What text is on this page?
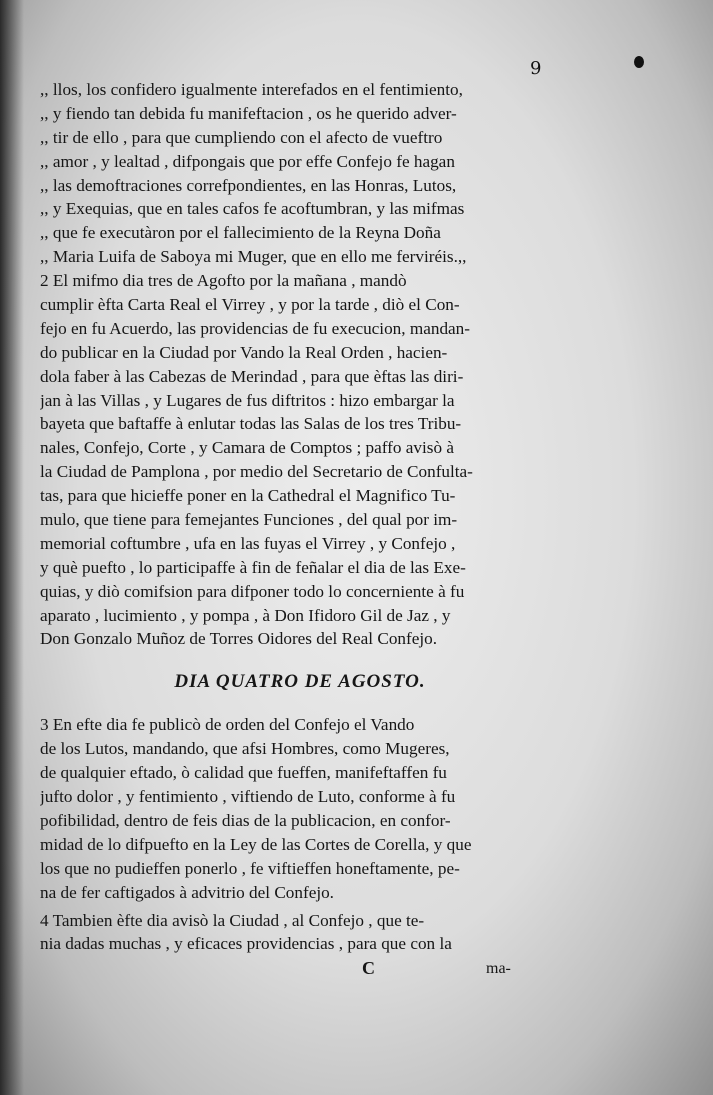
9
,, llos, los confidero igualmente interefados en el fentimiento,
,, y fiendo tan debida fu manifeftacion , os he querido adver-
,, tir de ello , para que cumpliendo con el afecto de vueftro
,, amor , y lealtad , difpongais que por effe Confejo fe hagan
,, las demoftraciones correfpondientes, en las Honras, Lutos,
,, y Exequias, que en tales cafos fe acoftumbran, y las mifmas
,, que fe executàron por el fallecimiento de la Reyna Doña
,, Maria Luifa de Saboya mi Muger, que en ello me ferviréis.,,
2 El mifmo dia tres de Agofto por la mañana , mandò
cumplir èfta Carta Real el Virrey , y por la tarde , diò el Con-
fejo en fu Acuerdo, las providencias de fu execucion, mandan-
do publicar en la Ciudad por Vando la Real Orden , hacien-
dola faber à las Cabezas de Merindad , para que èftas las diri-
jan à las Villas , y Lugares de fus diftritos : hizo embargar la
bayeta que baftaffe à enlutar todas las Salas de los tres Tribu-
nales, Confejo, Corte , y Camara de Comptos ; paffo avisò à
la Ciudad de Pamplona , por medio del Secretario de Confulta-
tas, para que hicieffe poner en la Cathedral el Magnifico Tu-
mulo, que tiene para femejantes Funciones , del qual por im-
memorial coftumbre , ufa en las fuyas el Virrey , y Confejo ,
y què puefto , lo participaffe à fin de feñalar el dia de las Exe-
quias, y diò comifsion para difponer todo lo concerniente à fu
aparato , lucimiento , y pompa , à Don Ifidoro Gil de Jaz , y
Don Gonzalo Muñoz de Torres Oidores del Real Confejo.
DIA QUATRO DE AGOSTO.
3 En efte dia fe publicò de orden del Confejo el Vando
de los Lutos, mandando, que afsi Hombres, como Mugeres,
de qualquier eftado, ò calidad que fueffen, manifeftaffen fu
jufto dolor , y fentimiento , viftiendo de Luto, conforme à fu
pofibilidad, dentro de feis dias de la publicacion, en confor-
midad de lo difpuefto en la Ley de las Cortes de Corella, y que
los que no pudieffen ponerlo , fe viftieffen honeftamente, pe-
na de fer caftigados à advitrio del Confejo.
4 Tambien èfte dia avisò la Ciudad , al Confejo , que te-
nia dadas muchas , y eficaces providencias , para que con la
C	ma-
